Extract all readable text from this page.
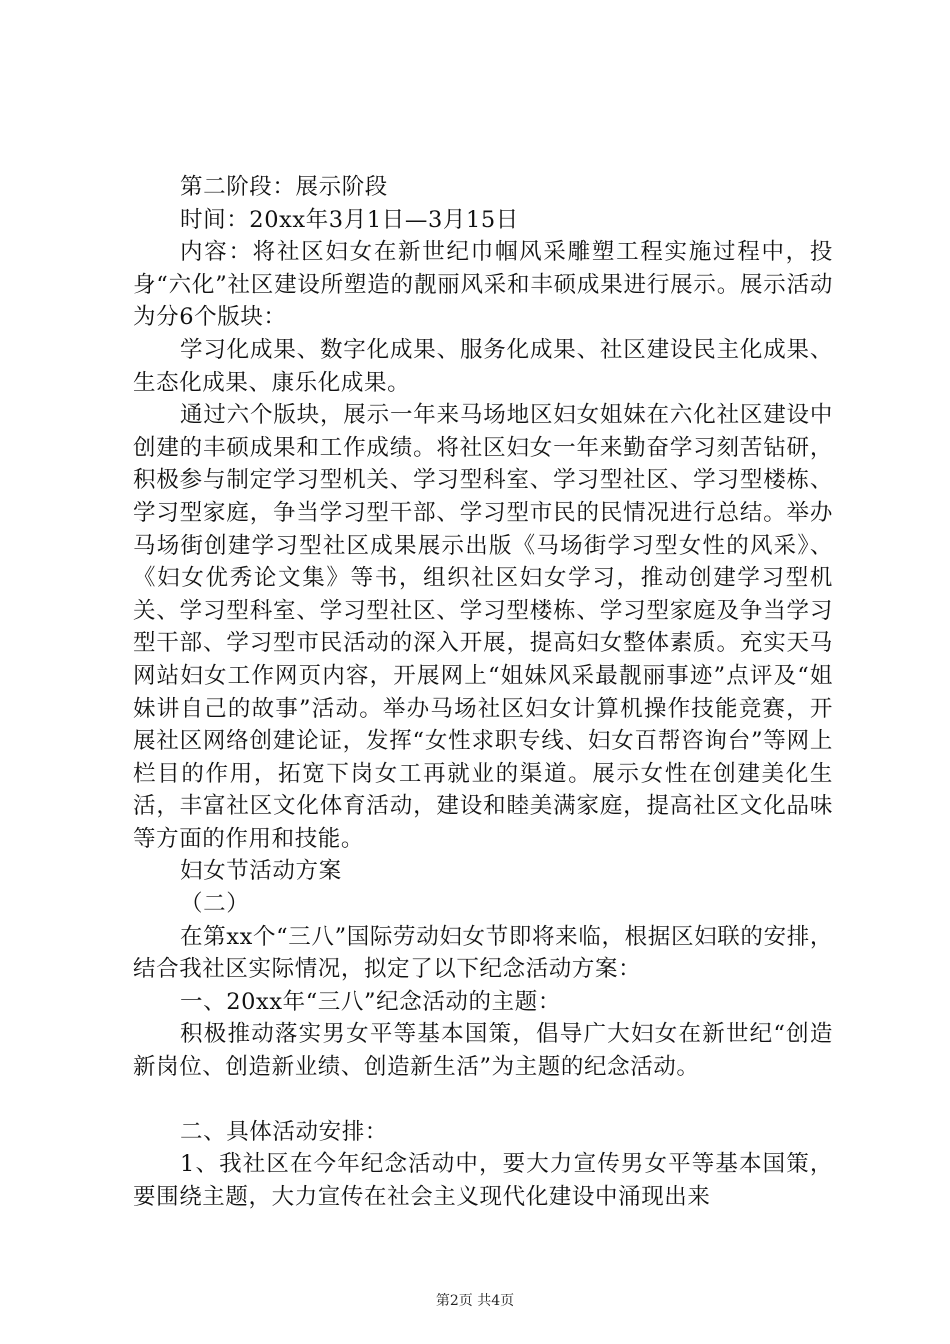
第二阶段：展示阶段

时间：20xx年3月1日—3月15日

内容：将社区妇女在新世纪巾帼风采雕塑工程实施过程中，投身“六化”社区建设所塑造的靓丽风采和丰硕成果进行展示。展示活动为分6个版块：

学习化成果、数字化成果、服务化成果、社区建设民主化成果、生态化成果、康乐化成果。

通过六个版块，展示一年来马场地区妇女姐妹在六化社区建设中创建的丰硕成果和工作成绩。将社区妇女一年来勤奋学习刻苦钻研，积极参与制定学习型机关、学习型科室、学习型社区、学习型楼栋、学习型家庭，争当学习型干部、学习型市民的民情况进行总结。举办马场街创建学习型社区成果展示出版《马场街学习型女性的风采》、《妇女优秀论文集》等书，组织社区妇女学习，推动创建学习型机关、学习型科室、学习型社区、学习型楼栋、学习型家庭及争当学习型干部、学习型市民活动的深入开展，提高妇女整体素质。充实天马网站妇女工作网页内容，开展网上“姐妹风采最靓丽事迹”点评及“姐妹讲自己的故事”活动。举办马场社区妇女计算机操作技能竞赛，开展社区网络创建论证，发挥“女性求职专线、妇女百帮咨询台”等网上栏目的作用，拓宽下岗女工再就业的渠道。展示女性在创建美化生活，丰富社区文化体育活动，建设和睦美满家庭，提高社区文化品味等方面的作用和技能。

妇女节活动方案

（二）

在第xx个“三八”国际劳动妇女节即将来临，根据区妇联的安排，结合我社区实际情况，拟定了以下纪念活动方案：

一、20xx年“三八”纪念活动的主题：

积极推动落实男女平等基本国策，倡导广大妇女在新世纪“创造新岗位、创造新业绩、创造新生活”为主题的纪念活动。

二、具体活动安排：

1、我社区在今年纪念活动中，要大力宣传男女平等基本国策，要围绕主题，大力宣传在社会主义现代化建设中涌现出来

第2页 共4页
